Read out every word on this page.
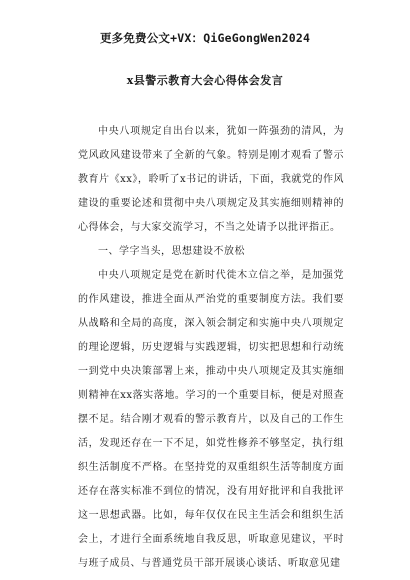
更多免费公文+VX：QiGeGongWen2024
x县警示教育大会心得体会发言

中央八项规定自出台以来，犹如一阵强劲的清风，为党风政风建设带来了全新的气象。特别是刚才观看了警示教育片《xx》，聆听了x书记的讲话，下面，我就党的作风建设的重要论述和贯彻中央八项规定及其实施细则精神的心得体会，与大家交流学习，不当之处请予以批评指正。

一、学字当头，思想建设不放松

中央八项规定是党在新时代徙木立信之举，是加强党的作风建设，推进全面从严治党的重要制度方法。我们要从战略和全局的高度，深入领会制定和实施中央八项规定的理论逻辑，历史逻辑与实践逻辑，切实把思想和行动统一到党中央决策部署上来，推动中央八项规定及其实施细则精神在xx落实落地。学习的一个重要目标，便是对照查摆不足。结合刚才观看的警示教育片，以及自己的工作生活，发现还存在一下不足，如党性修养不够坚定，执行组织生活制度不严格。在坚持党的双重组织生活等制度方面还存在落实标准不到位的情况，没有用好批评和自我批评这一思想武器。比如，每年仅仅在民主生活会和组织生活会上，才进行全面系统地自我反思，听取意见建议，平时与班子成员、与普通党员干部开展谈心谈话、听取意见建
